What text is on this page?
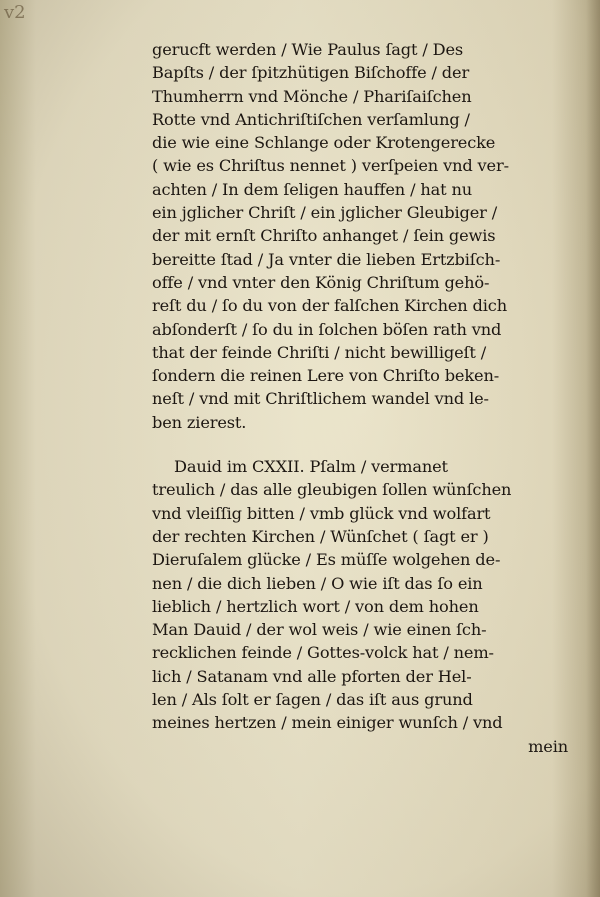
v2
gerucft werden / Wie Paulus ſagt / Des
Bapſts / der ſpitzhütigen Biſchoffe / der
Thumherrn vnd Mönche / Phariſaiſchen
Rotte vnd Antichriſtiſchen verſamlung /
die wie eine Schlange oder Krotengerecke
( wie es Chriſtus nennet ) verſpeien vnd ver-
achten / In dem ſeligen hauffen / hat nu
ein jglicher Chriſt / ein jglicher Gleubiger /
der mit ernſt Chriſto anhanget / ſein gewis
bereitte ſtad / Ja vnter die lieben Ertzbiſch-
offe / vnd vnter den König Chriſtum gehö-
reſt du / ſo du von der falſchen Kirchen dich
abſonderſt / ſo du in ſolchen böſen rath vnd
that der feinde Chriſti / nicht bewilligeſt /
ſondern die reinen Lere von Chriſto beken-
neſt / vnd mit Chriſtlichem wandel vnd le-
ben zierest.
Dauid im CXXII. Pſalm / vermanet
treulich / das alle gleubigen ſollen wünſchen
vnd vleiſſig bitten / vmb glück vnd wolfart
der rechten Kirchen / Wünſchet ( ſagt er )
Dieruſalem glücke / Es müſſe wolgehen de-
nen / die dich lieben / O wie iſt das ſo ein
lieblich / hertzlich wort / von dem hohen
Man Dauid / der wol weis / wie einen ſch-
recklichen feinde / Gottes-volck hat / nem-
lich / Satanam vnd alle pforten der Hel-
len / Als ſolt er ſagen / das iſt aus grund
meines hertzen / mein einiger wunſch / vnd
mein
